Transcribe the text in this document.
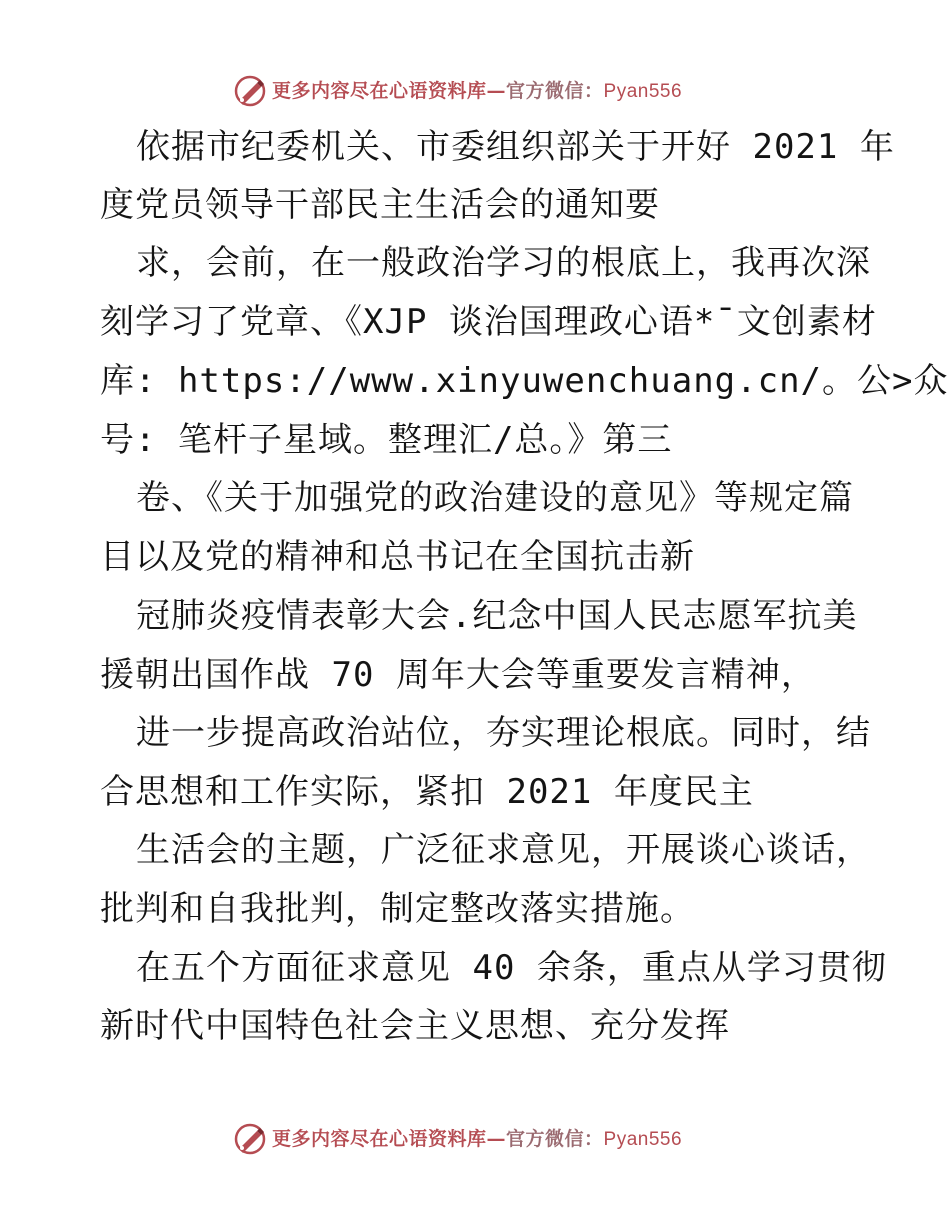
更多内容尽在心语资料库—官方微信：Pyan556
依据市纪委机关、市委组织部关于开好 2021 年
度党员领导干部民主生活会的通知要
求，会前，在一般政治学习的根底上，我再次深
刻学习了党章、《XJP 谈治国理政心语*¯文创素材
库: https://www.xinyuwenchuang.cn/。公>众
号: 笔杆子星域。整理汇/总。》第三
卷、《关于加强党的政治建设的意见》等规定篇
目以及党的精神和总书记在全国抗击新
冠肺炎疫情表彰大会.纪念中国人民志愿军抗美
援朝出国作战 70 周年大会等重要发言精神，
进一步提高政治站位，夯实理论根底。同时，结
合思想和工作实际，紧扣 2021 年度民主
生活会的主题，广泛征求意见，开展谈心谈话，
批判和自我批判，制定整改落实措施。
在五个方面征求意见 40 余条，重点从学习贯彻
新时代中国特色社会主义思想、充分发挥
更多内容尽在心语资料库—官方微信：Pyan556
